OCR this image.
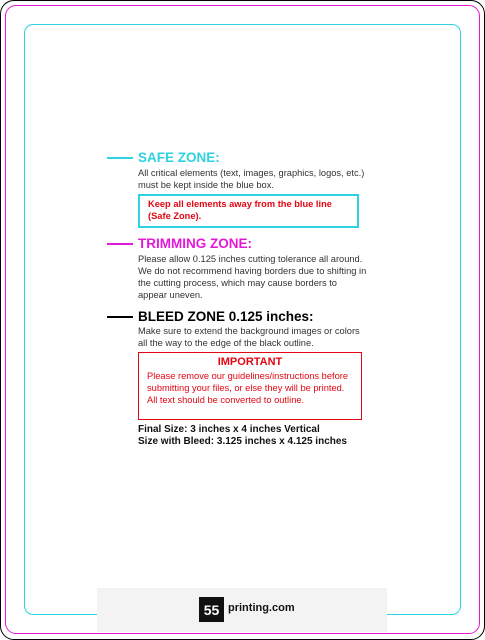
SAFE ZONE:
All critical elements (text, images, graphics, logos, etc.)
must be kept inside the blue box.
Keep all elements away from the blue line
(Safe Zone).
TRIMMING ZONE:
Please allow 0.125 inches cutting tolerance all around.
We do not recommend having borders due to shifting in
the cutting process, which may cause borders to
appear uneven.
BLEED ZONE 0.125 inches:
Make sure to extend the background images or colors
all the way to the edge of the black outline.
IMPORTANT
Please remove our guidelines/instructions before
submitting your files, or else they will be printed.
All text should be converted to outline.
Final Size: 3 inches x 4 inches Vertical
Size with Bleed: 3.125 inches x 4.125 inches
55 printing.com
